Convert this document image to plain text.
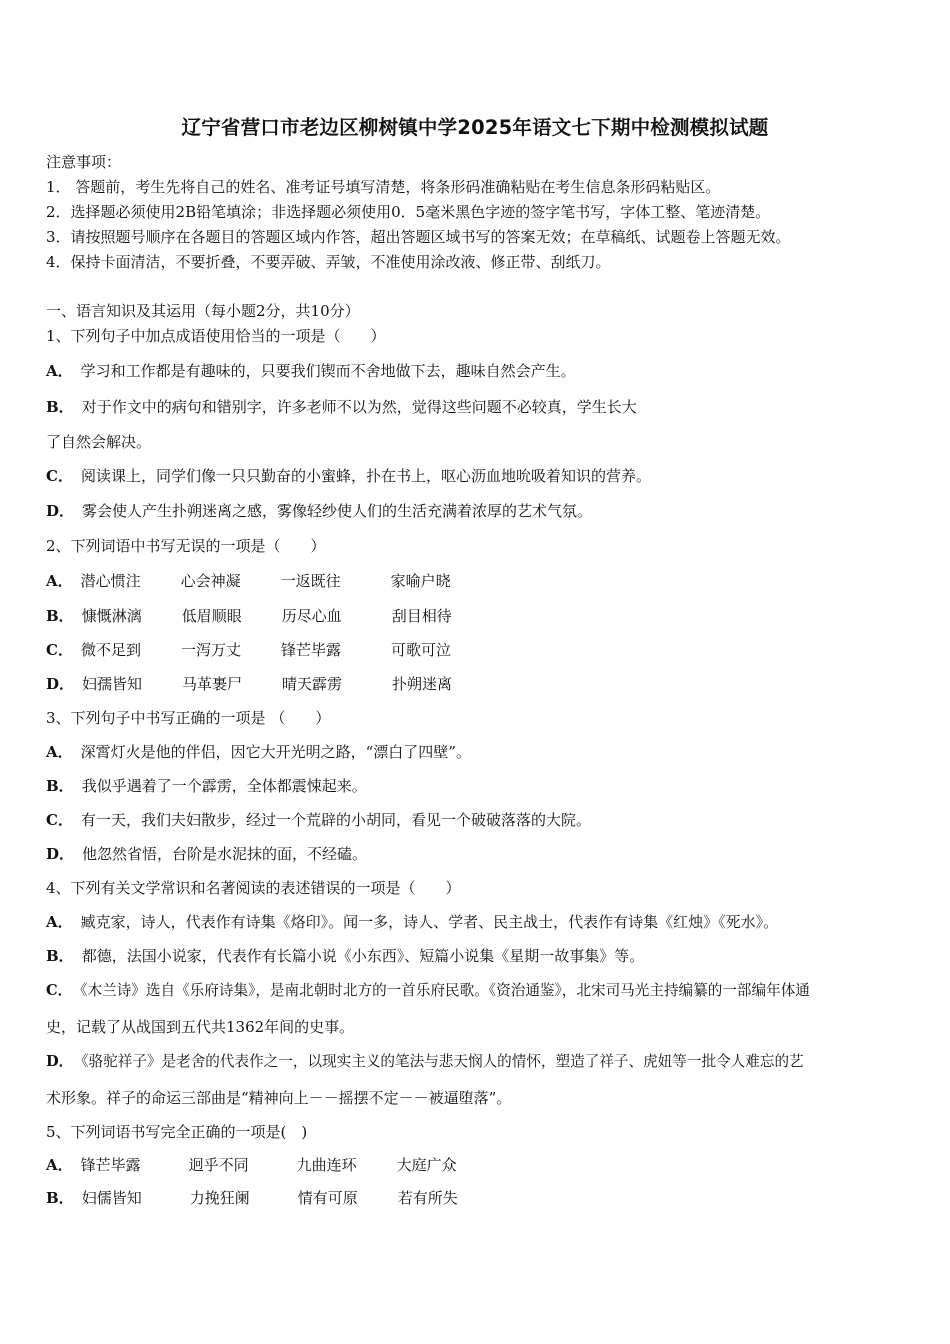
辽宁省营口市老边区柳树镇中学2025年语文七下期中检测模拟试题
注意事项：
1． 答题前，考生先将自己的姓名、准考证号填写清楚，将条形码准确粘贴在考生信息条形码粘贴区。
2．选择题必须使用2B铅笔填涂；非选择题必须使用0．5毫米黑色字迹的签字笔书写，字体工整、笔迹清楚。
3．请按照题号顺序在各题目的答题区域内作答，超出答题区域书写的答案无效；在草稿纸、试题卷上答题无效。
4．保持卡面清洁，不要折叠，不要弄破、弄皱，不准使用涂改液、修正带、刮纸刀。
一、语言知识及其运用（每小题2分，共10分）
1、下列句子中加点成语使用恰当的一项是（　　）
A． 学习和工作都是有趣味的，只要我们锲而不舍地做下去，趣味自然会产生。
B． 对于作文中的病句和错别字，许多老师不以为然，觉得这些问题不必较真，学生长大
了自然会解决。
C． 阅读课上，同学们像一只只勤奋的小蜜蜂，扑在书上，呕心沥血地吮吸着知识的营养。
D． 雾会使人产生扑朔迷离之感，雾像轻纱使人们的生活充满着浓厚的艺术气氛。
2、下列词语中书写无误的一项是（　　）
A． 潜心惯注	心会神凝	一返既往	家喻户晓
B． 慷慨淋漓	低眉顺眼	历尽心血	刮目相待
C． 微不足到	一泻万丈	锋芒毕露	可歌可泣
D． 妇孺皆知	马革裹尸	晴天霹雳	扑朔迷离
3、下列句子中书写正确的一项是 （　　）
A． 深霄灯火是他的伴侣，因它大开光明之路，“漂白了四壁”。
B． 我似乎遇着了一个霹雳，全体都震悚起来。
C． 有一天，我们夫妇散步，经过一个荒辟的小胡同，看见一个破破落落的大院。
D． 他忽然省悟，台阶是水泥抹的面，不经磕。
4、下列有关文学常识和名著阅读的表述错误的一项是（　　）
A． 臧克家，诗人，代表作有诗集《烙印》。闻一多，诗人、学者、民主战士，代表作有诗集《红烛》《死水》。
B． 都德，法国小说家，代表作有长篇小说《小东西》、短篇小说集《星期一故事集》等。
C． 《木兰诗》选自《乐府诗集》，是南北朝时北方的一首乐府民歌。《资治通鉴》，北宋司马光主持编纂的一部编年体通
史，记载了从战国到五代共1362年间的史事。
D． 《骆驼祥子》是老舍的代表作之一，以现实主义的笔法与悲天悯人的情怀，塑造了祥子、虎妞等一批令人难忘的艺
术形象。祥子的命运三部曲是“精神向上－－摇摆不定－－被逼堕落”。
5、下列词语书写完全正确的一项是(　)
A． 锋芒毕露	迥乎不同	九曲连环	大庭广众
B． 妇儒皆知	力挽狂阑	情有可原	若有所失
